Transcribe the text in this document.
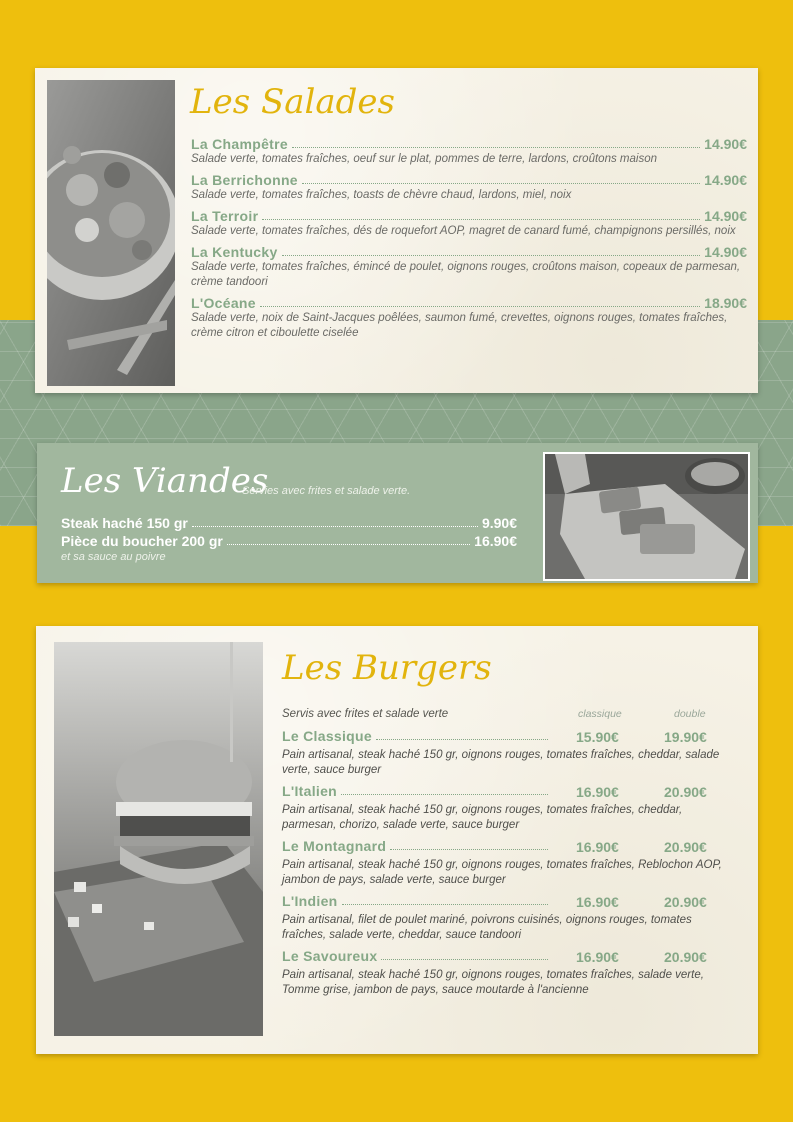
Les Salades
La Champêtre	14.90€
Salade verte, tomates fraîches, oeuf sur le plat, pommes de terre, lardons, croûtons maison
La Berrichonne	14.90€
Salade verte, tomates fraîches, toasts de chèvre chaud, lardons, miel, noix
La Terroir	14.90€
Salade verte, tomates fraîches, dés de roquefort AOP, magret de canard fumé, champignons persillés, noix
La Kentucky	14.90€
Salade verte, tomates fraîches, émincé de poulet, oignons rouges, croûtons maison, copeaux de parmesan, crème tandoori
L'Océane	18.90€
Salade verte, noix de Saint-Jacques poêlées, saumon fumé, crevettes, oignons rouges, tomates fraîches, crème citron et ciboulette ciselée
Les Viandes
Servies avec frites et salade verte.
Steak haché 150 gr	9.90€
Pièce du boucher 200 gr	16.90€
et sa sauce au poivre
Les Burgers
Servis avec frites et salade verte	classique	double
Le Classique	15.90€	19.90€
Pain artisanal, steak haché 150 gr, oignons rouges, tomates fraîches, cheddar, salade verte, sauce burger
L'Italien	16.90€	20.90€
Pain artisanal, steak haché 150 gr, oignons rouges, tomates fraîches, cheddar, parmesan, chorizo, salade verte, sauce burger
Le Montagnard	16.90€	20.90€
Pain artisanal, steak haché 150 gr, oignons rouges, tomates fraîches, Reblochon AOP, jambon de pays, salade verte, sauce burger
L'Indien	16.90€	20.90€
Pain artisanal, filet de poulet mariné, poivrons cuisinés, oignons rouges, tomates fraîches, salade verte, cheddar, sauce tandoori
Le Savoureux	16.90€	20.90€
Pain artisanal, steak haché 150 gr, oignons rouges, tomates fraîches, salade verte, Tomme grise, jambon de pays, sauce moutarde à l'ancienne
